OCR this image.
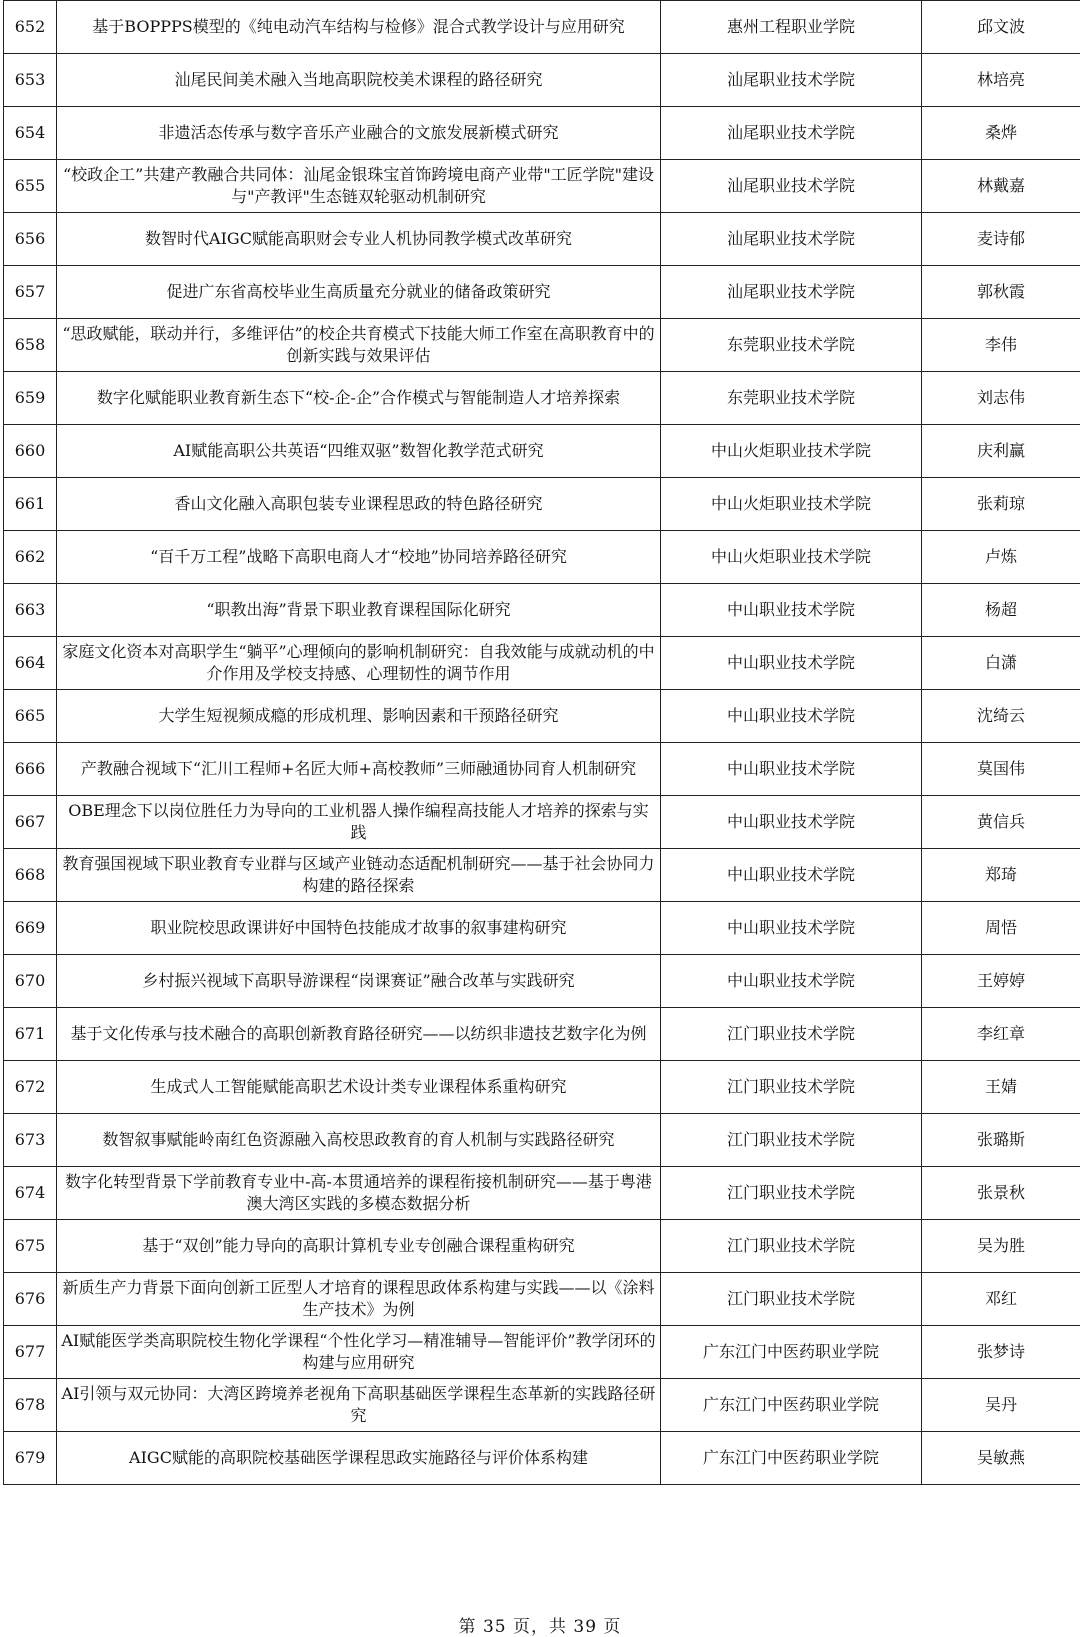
652	基于BOPPPS模型的《纯电动汽车结构与检修》混合式教学设计与应用研究	惠州工程职业学院	邱文波
653	汕尾民间美术融入当地高职院校美术课程的路径研究	汕尾职业技术学院	林培亮
654	非遗活态传承与数字音乐产业融合的文旅发展新模式研究	汕尾职业技术学院	桑烨
655	“校政企工”共建产教融合共同体：汕尾金银珠宝首饰跨境电商产业带"工匠学院"建设与"产教评"生态链双轮驱动机制研究	汕尾职业技术学院	林戴嘉
656	数智时代AIGC赋能高职财会专业人机协同教学模式改革研究	汕尾职业技术学院	麦诗郁
657	促进广东省高校毕业生高质量充分就业的储备政策研究	汕尾职业技术学院	郭秋霞
658	“思政赋能，联动并行，多维评估”的校企共育模式下技能大师工作室在高职教育中的创新实践与效果评估	东莞职业技术学院	李伟
659	数字化赋能职业教育新生态下“校-企-企”合作模式与智能制造人才培养探索	东莞职业技术学院	刘志伟
660	AI赋能高职公共英语“四维双驱”数智化教学范式研究	中山火炬职业技术学院	庆利赢
661	香山文化融入高职包装专业课程思政的特色路径研究	中山火炬职业技术学院	张莉琼
662	“百千万工程”战略下高职电商人才“校地”协同培养路径研究	中山火炬职业技术学院	卢炼
663	“职教出海”背景下职业教育课程国际化研究	中山职业技术学院	杨超
664	家庭文化资本对高职学生“躺平”心理倾向的影响机制研究：自我效能与成就动机的中介作用及学校支持感、心理韧性的调节作用	中山职业技术学院	白潇
665	大学生短视频成瘾的形成机理、影响因素和干预路径研究	中山职业技术学院	沈绮云
666	产教融合视域下“汇川工程师+名匠大师+高校教师”三师融通协同育人机制研究	中山职业技术学院	莫国伟
667	OBE理念下以岗位胜任力为导向的工业机器人操作编程高技能人才培养的探索与实践	中山职业技术学院	黄信兵
668	教育强国视域下职业教育专业群与区域产业链动态适配机制研究——基于社会协同力构建的路径探索	中山职业技术学院	郑琦
669	职业院校思政课讲好中国特色技能成才故事的叙事建构研究	中山职业技术学院	周悟
670	乡村振兴视域下高职导游课程“岗课赛证”融合改革与实践研究	中山职业技术学院	王婷婷
671	基于文化传承与技术融合的高职创新教育路径研究——以纺织非遗技艺数字化为例	江门职业技术学院	李红章
672	生成式人工智能赋能高职艺术设计类专业课程体系重构研究	江门职业技术学院	王婧
673	数智叙事赋能岭南红色资源融入高校思政教育的育人机制与实践路径研究	江门职业技术学院	张璐斯
674	数字化转型背景下学前教育专业中-高-本贯通培养的课程衔接机制研究——基于粤港澳大湾区实践的多模态数据分析	江门职业技术学院	张景秋
675	基于“双创”能力导向的高职计算机专业专创融合课程重构研究	江门职业技术学院	吴为胜
676	新质生产力背景下面向创新工匠型人才培育的课程思政体系构建与实践——以《涂料生产技术》为例	江门职业技术学院	邓红
677	AI赋能医学类高职院校生物化学课程“个性化学习—精准辅导—智能评价”教学闭环的构建与应用研究	广东江门中医药职业学院	张梦诗
678	AI引领与双元协同：大湾区跨境养老视角下高职基础医学课程生态革新的实践路径研究	广东江门中医药职业学院	吴丹
679	AIGC赋能的高职院校基础医学课程思政实施路径与评价体系构建	广东江门中医药职业学院	吴敏燕
第 35 页，共 39 页
